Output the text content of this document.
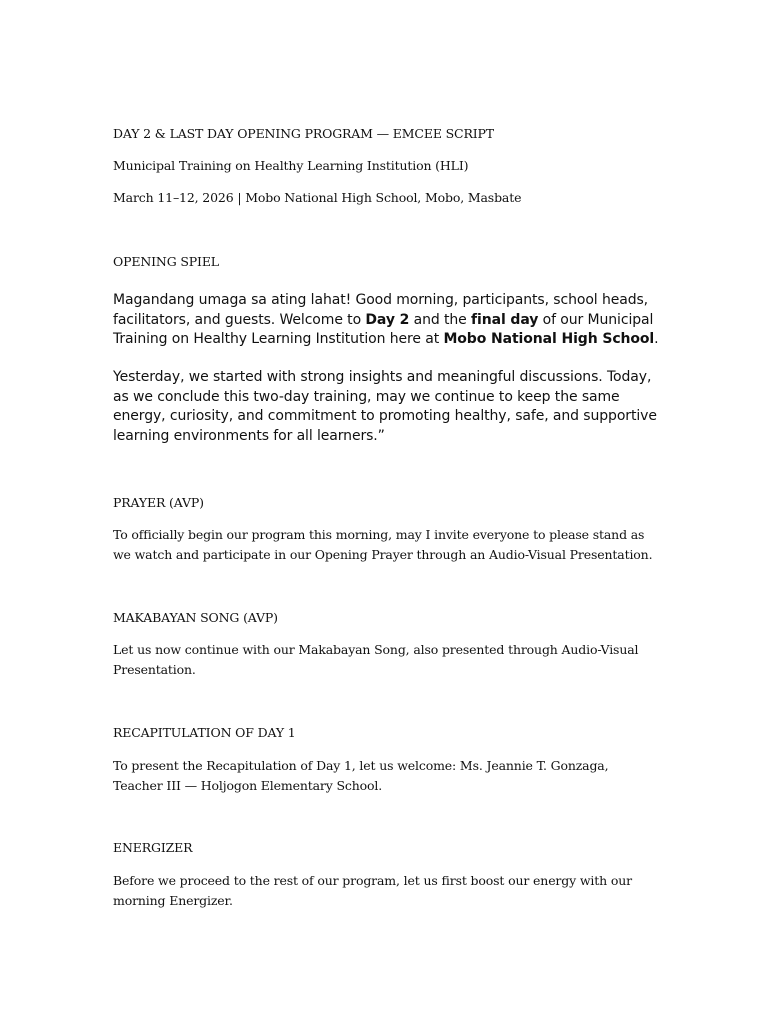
DAY 2 & LAST DAY OPENING PROGRAM — EMCEE SCRIPT

Municipal Training on Healthy Learning Institution (HLI)

March 11–12, 2026 | Mobo National High School, Mobo, Masbate

OPENING SPIEL

Magandang umaga sa ating lahat! Good morning, participants, school heads, facilitators, and guests. Welcome to Day 2 and the final day of our Municipal Training on Healthy Learning Institution here at Mobo National High School.

Yesterday, we started with strong insights and meaningful discussions. Today, as we conclude this two-day training, may we continue to keep the same energy, curiosity, and commitment to promoting healthy, safe, and supportive learning environments for all learners.”

PRAYER (AVP)

To officially begin our program this morning, may I invite everyone to please stand as we watch and participate in our Opening Prayer through an Audio-Visual Presentation.

MAKABAYAN SONG (AVP)

Let us now continue with our Makabayan Song, also presented through Audio-Visual Presentation.

RECAPITULATION OF DAY 1

To present the Recapitulation of Day 1, let us welcome: Ms. Jeannie T. Gonzaga, Teacher III — Holjogon Elementary School.

ENERGIZER

Before we proceed to the rest of our program, let us first boost our energy with our morning Energizer.
